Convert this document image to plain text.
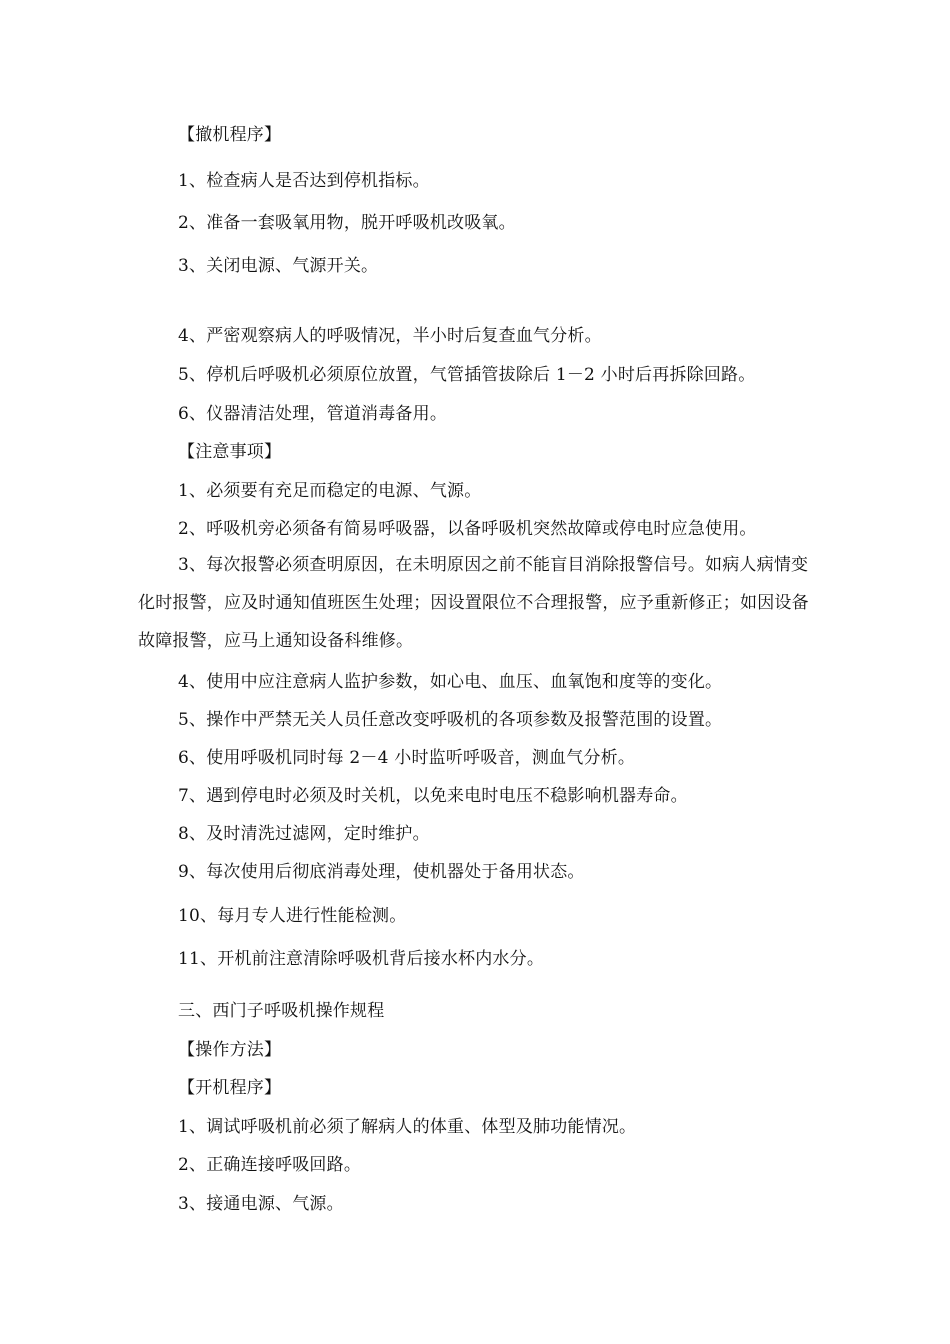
【撤机程序】
1、检查病人是否达到停机指标。
2、准备一套吸氧用物，脱开呼吸机改吸氧。
3、关闭电源、气源开关。
4、严密观察病人的呼吸情况，半小时后复查血气分析。
5、停机后呼吸机必须原位放置，气管插管拔除后 1－2 小时后再拆除回路。
6、仪器清洁处理，管道消毒备用。
【注意事项】
1、必须要有充足而稳定的电源、气源。
2、呼吸机旁必须备有简易呼吸器，以备呼吸机突然故障或停电时应急使用。
3、每次报警必须查明原因，在未明原因之前不能盲目消除报警信号。如病人病情变化时报警，应及时通知值班医生处理；因设置限位不合理报警，应予重新修正；如因设备故障报警，应马上通知设备科维修。
4、使用中应注意病人监护参数，如心电、血压、血氧饱和度等的变化。
5、操作中严禁无关人员任意改变呼吸机的各项参数及报警范围的设置。
6、使用呼吸机同时每 2－4 小时监听呼吸音，测血气分析。
7、遇到停电时必须及时关机，以免来电时电压不稳影响机器寿命。
8、及时清洗过滤网，定时维护。
9、每次使用后彻底消毒处理，使机器处于备用状态。
10、每月专人进行性能检测。
11、开机前注意清除呼吸机背后接水杯内水分。
三、西门子呼吸机操作规程
【操作方法】
【开机程序】
1、调试呼吸机前必须了解病人的体重、体型及肺功能情况。
2、正确连接呼吸回路。
3、接通电源、气源。
